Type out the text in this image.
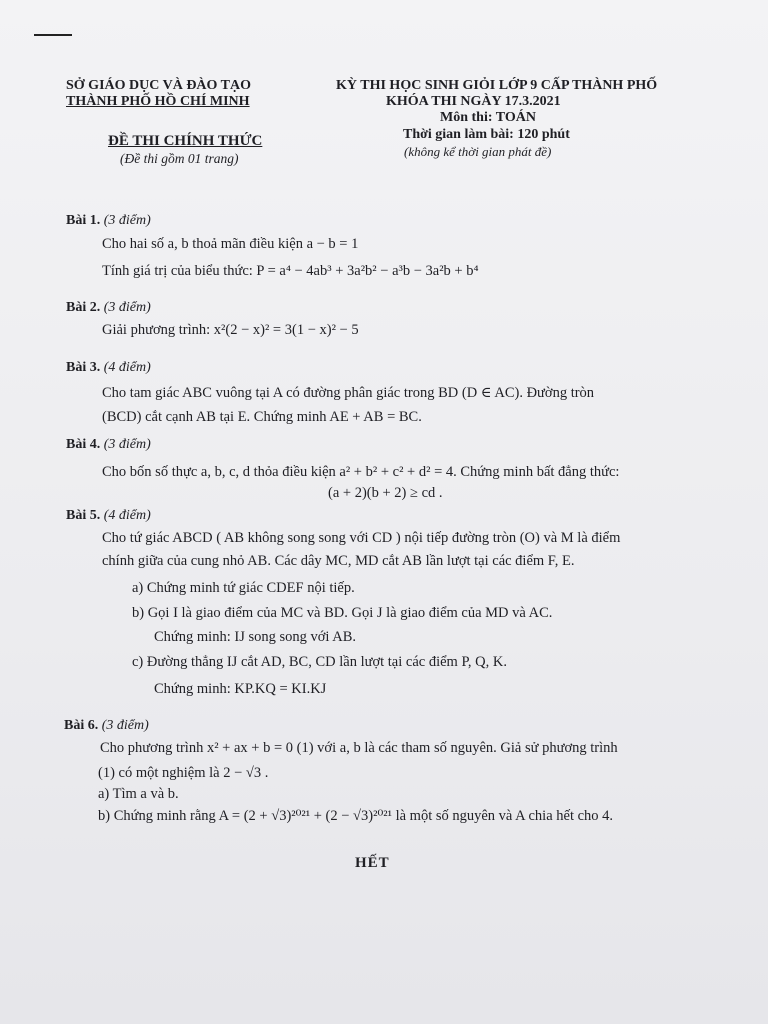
SỞ GIÁO DỤC VÀ ĐÀO TẠO
THÀNH PHỐ HỒ CHÍ MINH
ĐỀ THI CHÍNH THỨC
(Đề thi gồm 01 trang)
KỲ THI HỌC SINH GIỎI LỚP 9 CẤP THÀNH PHỐ
KHÓA THI NGÀY 17.3.2021
Môn thi: TOÁN
Thời gian làm bài: 120 phút
(không kể thời gian phát đề)
Bài 1. (3 điểm)
Cho hai số a, b thoả mãn điều kiện a − b = 1
Tính giá trị của biểu thức: P = a⁴ − 4ab³ + 3a²b² − a³b − 3a²b + b⁴
Bài 2. (3 điểm)
Giải phương trình: x²(2 − x)² = 3(1 − x)² − 5
Bài 3. (4 điểm)
Cho tam giác ABC vuông tại A có đường phân giác trong BD (D ∈ AC). Đường tròn
(BCD) cắt cạnh AB tại E. Chứng minh AE + AB = BC.
Bài 4. (3 điểm)
Cho bốn số thực a, b, c, d thỏa điều kiện a² + b² + c² + d² = 4. Chứng minh bất đẳng thức:
(a + 2)(b + 2) ≥ cd .
Bài 5. (4 điểm)
Cho tứ giác ABCD ( AB không song song với CD ) nội tiếp đường tròn (O) và M là điểm
chính giữa của cung nhỏ AB. Các dây MC, MD cắt AB lần lượt tại các điểm F, E.
a) Chứng minh tứ giác CDEF nội tiếp.
b) Gọi I là giao điểm của MC và BD. Gọi J là giao điểm của MD và AC.
Chứng minh: IJ song song với AB.
c) Đường thẳng IJ cắt AD, BC, CD lần lượt tại các điểm P, Q, K.
Chứng minh: KP.KQ = KI.KJ
Bài 6. (3 điểm)
Cho phương trình x² + ax + b = 0 (1) với a, b là các tham số nguyên. Giả sử phương trình
(1) có một nghiệm là 2 − √3 .
a) Tìm a và b.
b) Chứng minh rằng A = (2 + √3)²⁰²¹ + (2 − √3)²⁰²¹ là một số nguyên và A chia hết cho 4.
HẾT
